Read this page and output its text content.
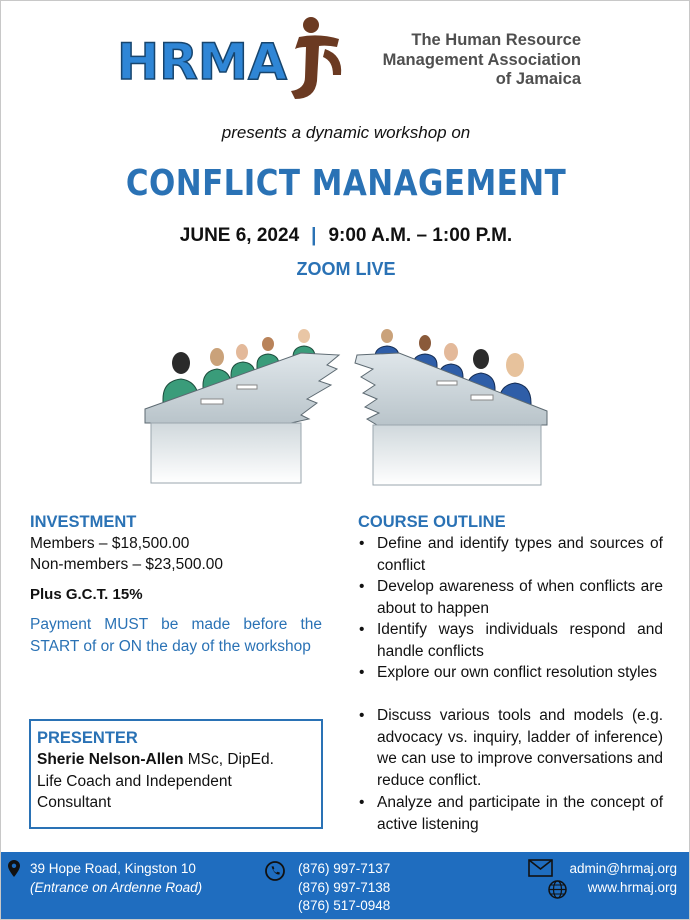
HRMA	The Human Resource
Management Association
of Jamaica
presents a dynamic workshop on
CONFLICT MANAGEMENT
JUNE 6, 2024 | 9:00 A.M. – 1:00 P.M.
ZOOM LIVE
INVESTMENT
Members – $18,500.00
Non-members – $23,500.00
Plus G.C.T. 15%
Payment MUST be made before the START of or ON the day of the workshop
PRESENTER
Sherie Nelson-Allen MSc, DipEd.
Life Coach and Independent
Consultant
COURSE OUTLINE
• Define and identify types and sources of conflict
• Develop awareness of when conflicts are about to happen
• Identify ways individuals respond and handle conflicts
• Explore our own conflict resolution styles
• Discuss various tools and models (e.g. advocacy vs. inquiry, ladder of inference) we can use to improve conversations and reduce conflict.
• Analyze and participate in the concept of active listening
39 Hope Road, Kingston 10
(Entrance on Ardenne Road)
(876) 997-7137
(876) 997-7138
(876) 517-0948
admin@hrmaj.org
www.hrmaj.org
